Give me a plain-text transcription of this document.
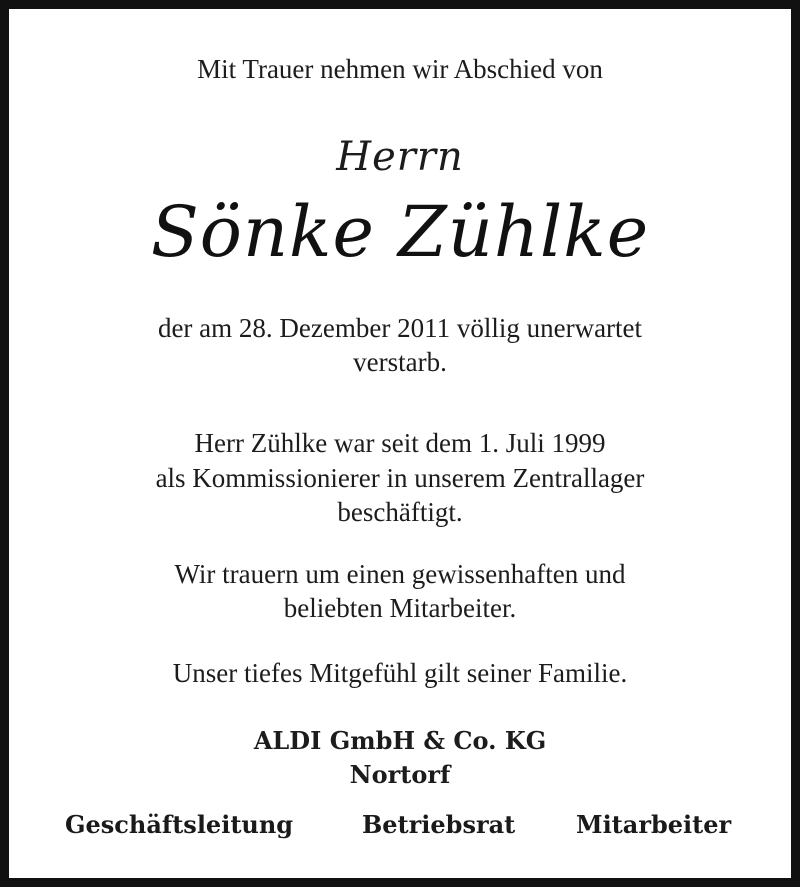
Mit Trauer nehmen wir Abschied von
Herrn
Sönke Zühlke
der am 28. Dezember 2011 völlig unerwartet
verstarb.
Herr Zühlke war seit dem 1. Juli 1999
als Kommissionierer in unserem Zentrallager
beschäftigt.
Wir trauern um einen gewissenhaften und
beliebten Mitarbeiter.
Unser tiefes Mitgefühl gilt seiner Familie.
ALDI GmbH & Co. KG
Nortorf
Geschäftsleitung	Betriebsrat	Mitarbeiter
